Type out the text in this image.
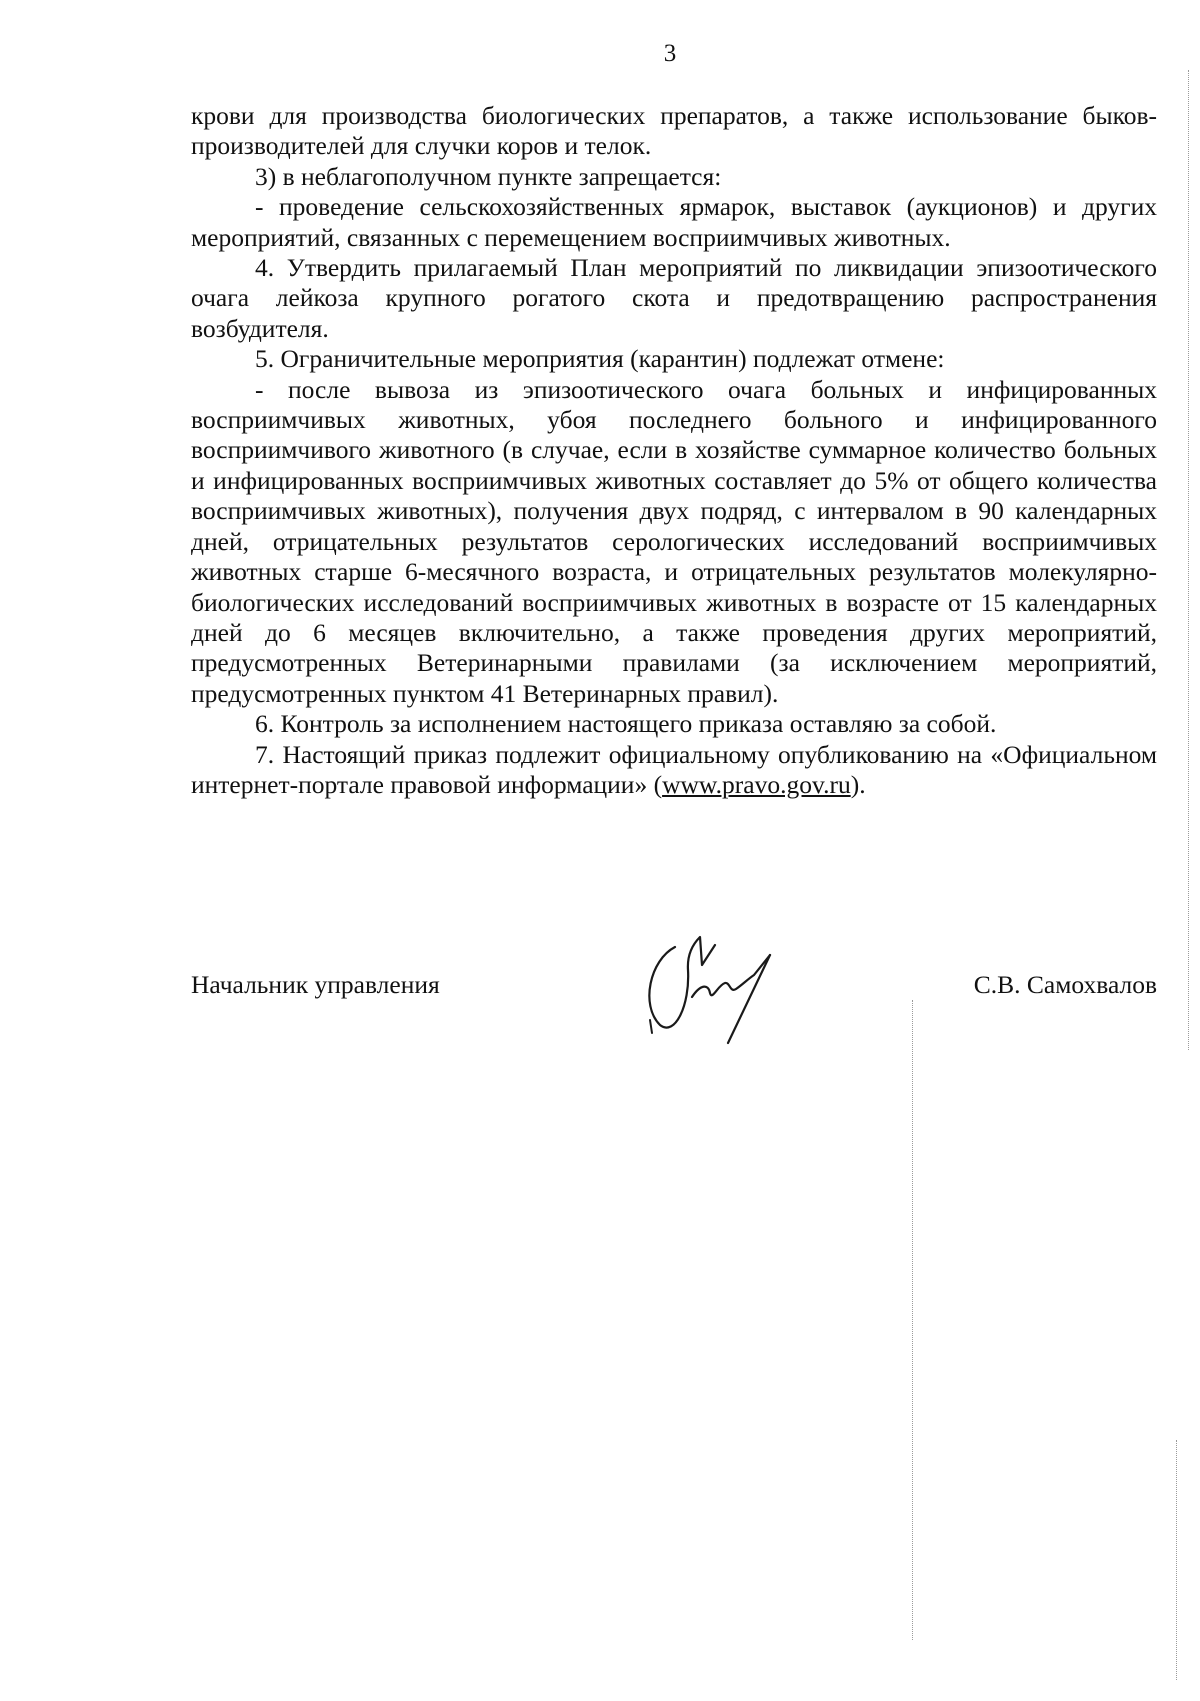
3

крови для производства биологических препаратов, а также использование быков-производителей для случки коров и телок.

3) в неблагополучном пункте запрещается:

- проведение сельскохозяйственных ярмарок, выставок (аукционов) и других мероприятий, связанных с перемещением восприимчивых животных.

4. Утвердить прилагаемый План мероприятий по ликвидации эпизоотического очага лейкоза крупного рогатого скота и предотвращению распространения возбудителя.

5. Ограничительные мероприятия (карантин) подлежат отмене:

- после вывоза из эпизоотического очага больных и инфицированных восприимчивых животных, убоя последнего больного и инфицированного восприимчивого животного (в случае, если в хозяйстве суммарное количество больных и инфицированных восприимчивых животных составляет до 5% от общего количества восприимчивых животных), получения двух подряд, с интервалом в 90 календарных дней, отрицательных результатов серологических исследований восприимчивых животных старше 6-месячного возраста, и отрицательных результатов молекулярно-биологических исследований восприимчивых животных в возрасте от 15 календарных дней до 6 месяцев включительно, а также проведения других мероприятий, предусмотренных Ветеринарными правилами (за исключением мероприятий, предусмотренных пунктом 41 Ветеринарных правил).

6. Контроль за исполнением настоящего приказа оставляю за собой.

7. Настоящий приказ подлежит официальному опубликованию на «Официальном интернет-портале правовой информации» (www.pravo.gov.ru).

Начальник управления	С.В. Самохвалов
